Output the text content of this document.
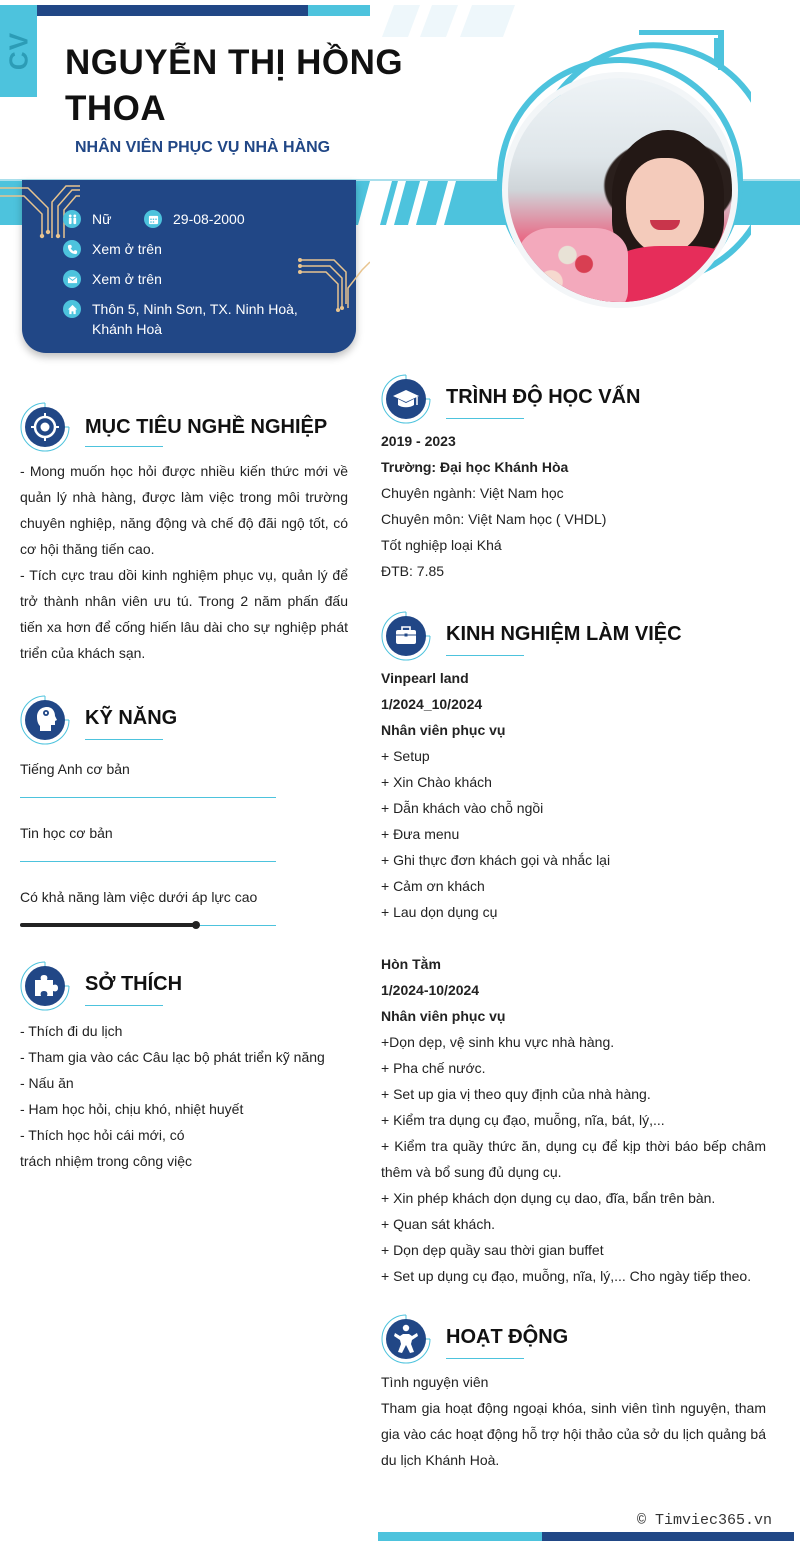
CV NGUYỄN THỊ HỒNG THOA
NHÂN VIÊN PHỤC VỤ NHÀ HÀNG
Nữ	29-08-2000
Xem ở trên
Xem ở trên
Thôn 5, Ninh Sơn, TX. Ninh Hoà,
Khánh Hoà
MỤC TIÊU NGHỀ NGHIỆP
- Mong muốn học hỏi được nhiều kiến thức mới về quản lý nhà hàng, được làm việc trong môi trường chuyên nghiệp, năng động và chế độ đãi ngộ tốt, có cơ hội thăng tiến cao.
- Tích cực trau dồi kinh nghiệm phục vụ, quản lý để trở thành nhân viên ưu tú. Trong 2 năm phấn đấu tiến xa hơn để cống hiến lâu dài cho sự nghiệp phát triển của khách sạn.
KỸ NĂNG
Tiếng Anh cơ bản
Tin học cơ bản
Có khả năng làm việc dưới áp lực cao
SỞ THÍCH
- Thích đi du lịch
- Tham gia vào các Câu lạc bộ phát triển kỹ năng
- Nấu ăn
- Ham học hỏi, chịu khó, nhiệt huyết
- Thích học hỏi cái mới, có
trách nhiệm trong công việc
TRÌNH ĐỘ HỌC VẤN
2019 - 2023
Trường: Đại học Khánh Hòa
Chuyên ngành: Việt Nam học
Chuyên môn: Việt Nam học ( VHDL)
Tốt nghiệp loại Khá
ĐTB: 7.85
KINH NGHIỆM LÀM VIỆC
Vinpearl land
1/2024_10/2024
Nhân viên phục vụ
+ Setup
+ Xin Chào khách
+ Dẫn khách vào chỗ ngồi
+ Đưa menu
+ Ghi thực đơn khách gọi và nhắc lại
+ Cảm ơn khách
+ Lau dọn dụng cụ
Hòn Tằm
1/2024-10/2024
Nhân viên phục vụ
+Dọn dẹp, vệ sinh khu vực nhà hàng.
+ Pha chế nước.
+ Set up gia vị theo quy định của nhà hàng.
+ Kiểm tra dụng cụ đạo, muỗng, nĩa, bát, lý,...
+ Kiểm tra quầy thức ăn, dụng cụ để kịp thời báo bếp châm thêm và bổ sung đủ dụng cụ.
+ Xin phép khách dọn dụng cụ dao, đĩa, bẩn trên bàn.
+ Quan sát khách.
+ Dọn dẹp quầy sau thời gian buffet
+ Set up dụng cụ đạo, muỗng, nĩa, lý,... Cho ngày tiếp theo.
HOẠT ĐỘNG
Tình nguyện viên
Tham gia hoạt động ngoại khóa, sinh viên tình nguyện, tham gia vào các hoạt động hỗ trợ hội thảo của sở du lịch quảng bá du lịch Khánh Hoà.
© Timviec365.vn
